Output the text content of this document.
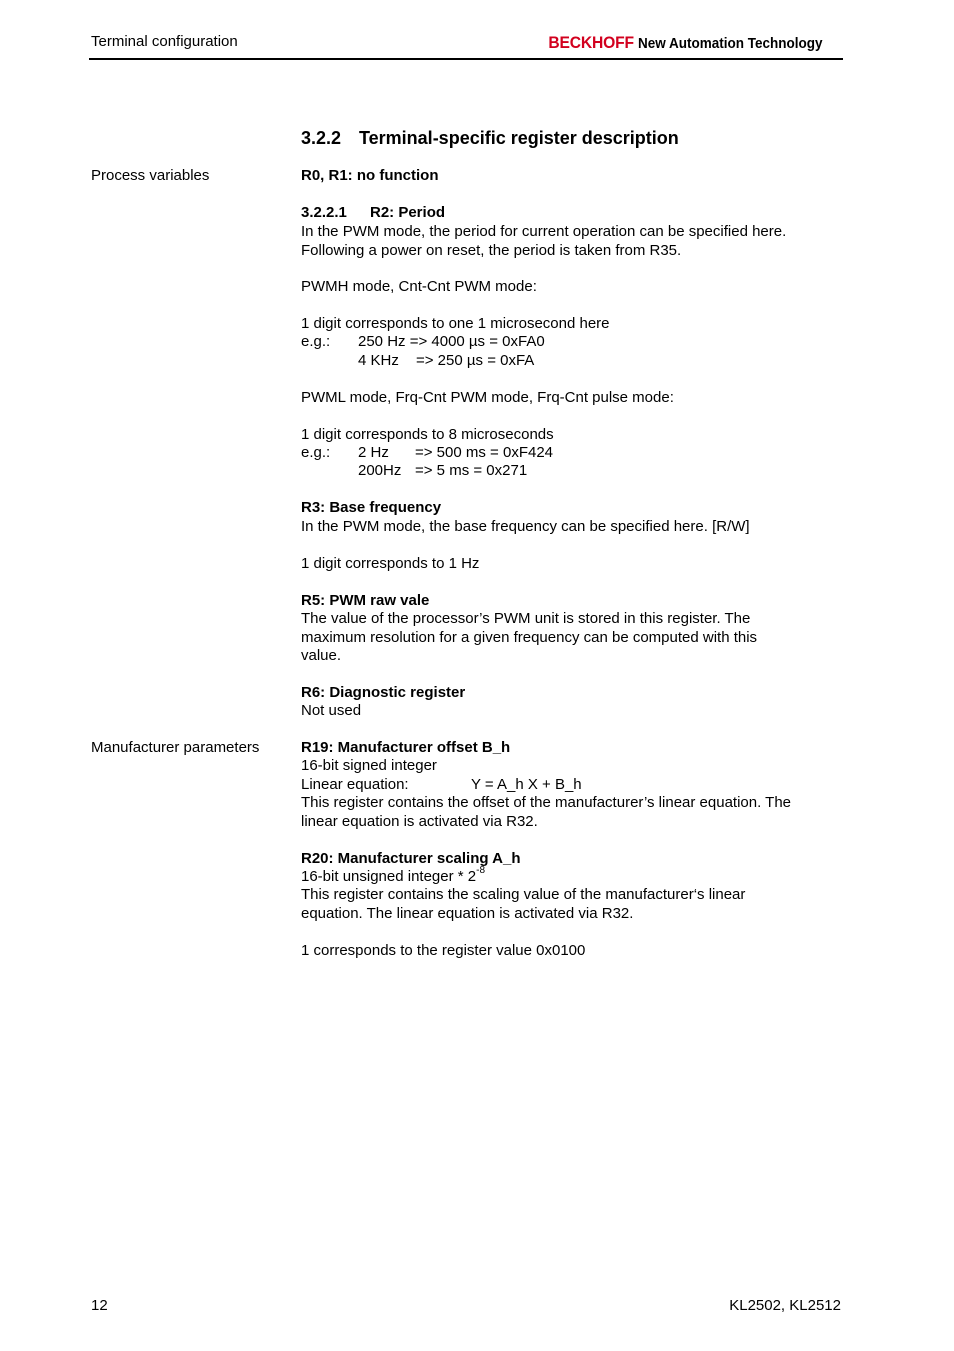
Terminal configuration	BECKHOFF New Automation Technology
3.2.2 Terminal-specific register description
Process variables
Manufacturer parameters
R0, R1: no function
3.2.2.1 R2: Period
In the PWM mode, the period for current operation can be specified here.
Following a power on reset, the period is taken from R35.
PWMH mode, Cnt-Cnt PWM mode:
1 digit corresponds to one 1 microsecond here
e.g.:	250 Hz => 4000 µs = 0xFA0
4 KHz	=> 250 µs = 0xFA
PWML mode, Frq-Cnt PWM mode, Frq-Cnt pulse mode:
1 digit corresponds to 8 microseconds
e.g.:	2 Hz	=> 500 ms = 0xF424
200Hz => 5 ms = 0x271
R3: Base frequency
In the PWM mode, the base frequency can be specified here. [R/W]
1 digit corresponds to 1 Hz
R5: PWM raw vale
The value of the processor’s PWM unit is stored in this register. The
maximum resolution for a given frequency can be computed with this
value.
R6: Diagnostic register
Not used
R19: Manufacturer offset B_h
16-bit signed integer
Linear equation:	Y = A_h X + B_h
This register contains the offset of the manufacturer’s linear equation. The
linear equation is activated via R32.
R20: Manufacturer scaling A_h
16-bit unsigned integer * $2^{-8}$
This register contains the scaling value of the manufacturer‘s linear
equation. The linear equation is activated via R32.
1 corresponds to the register value 0x0100
12	KL2502, KL2512
